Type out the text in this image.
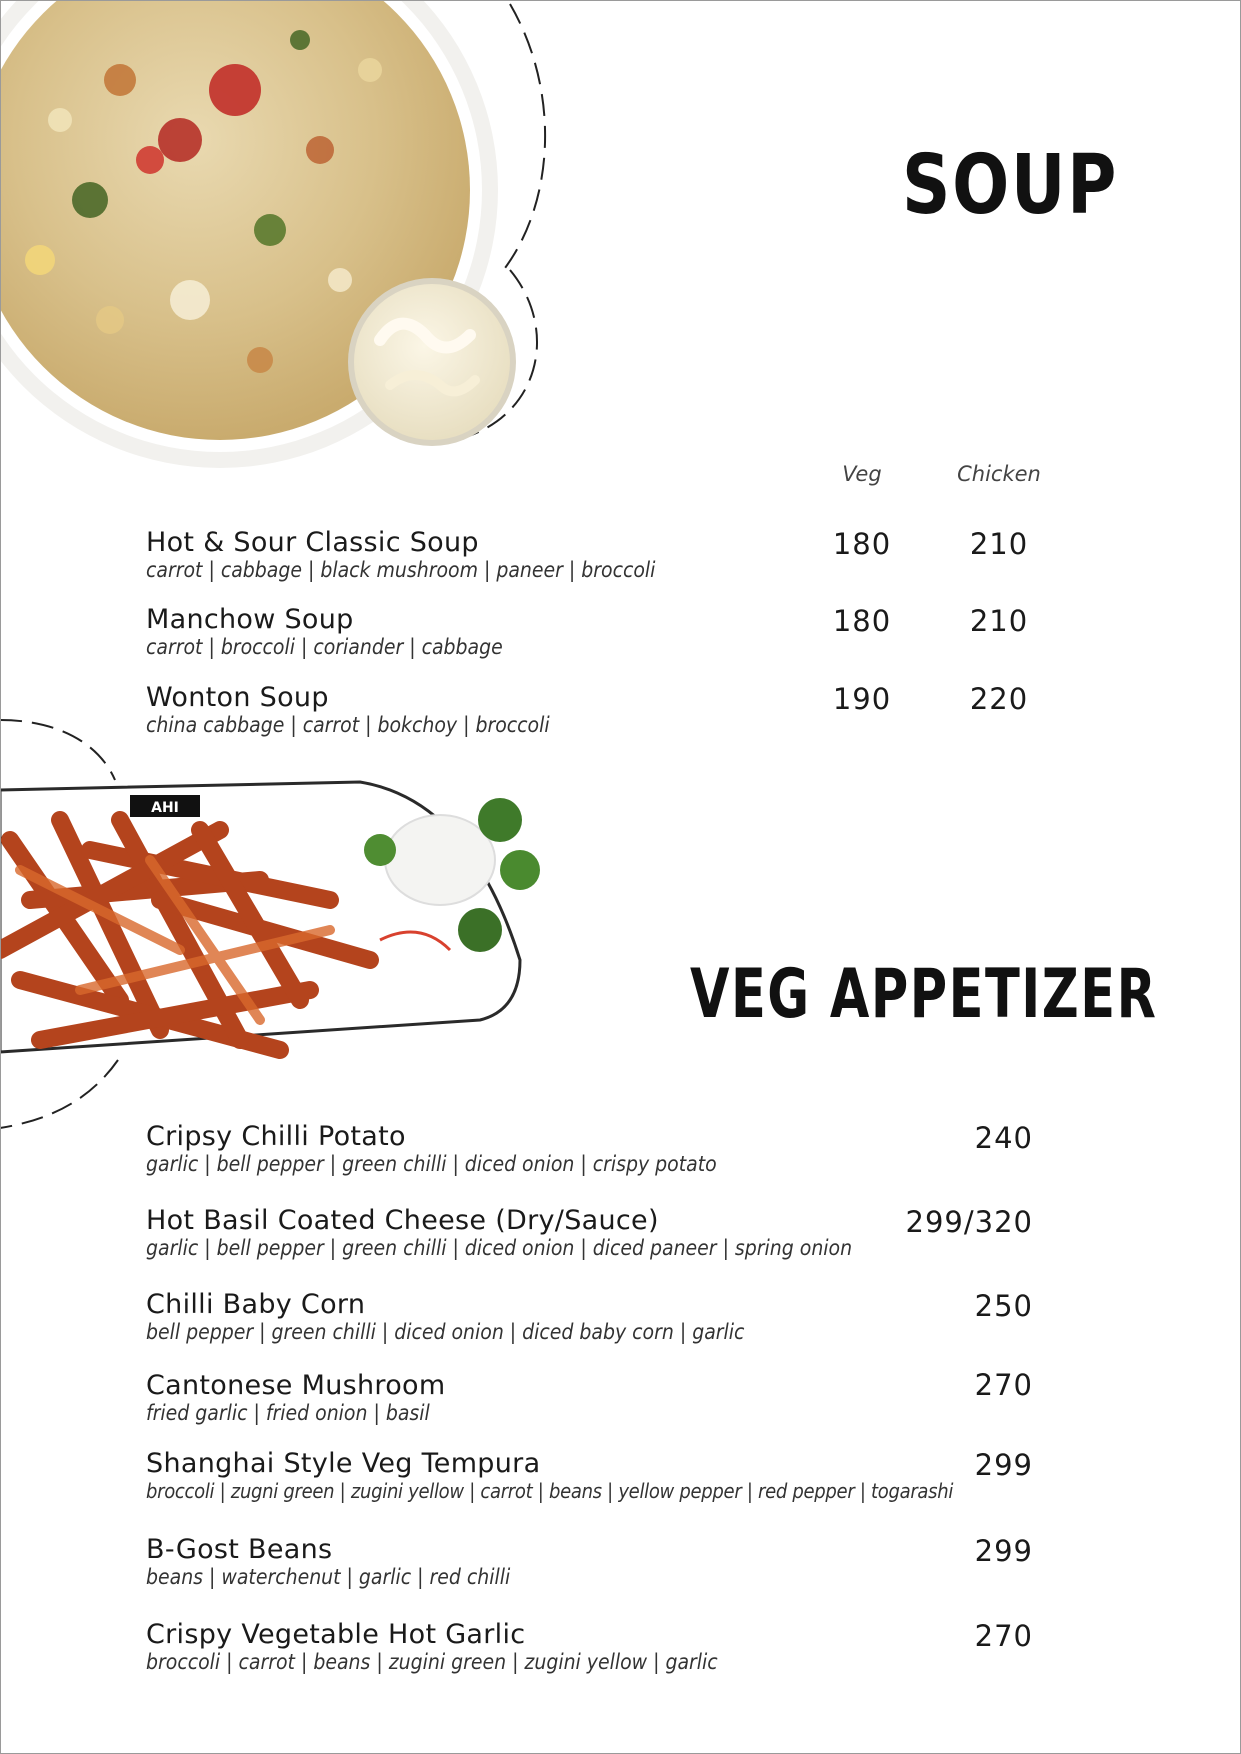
AHI
SOUP
Veg	Chicken
Hot & Sour Classic Soup
carrot | cabbage | black mushroom | paneer | broccoli
180	210
Manchow Soup
carrot | broccoli | coriander | cabbage
180	210
Wonton Soup
china cabbage | carrot | bokchoy | broccoli
190	220
VEG APPETIZER
Cripsy Chilli Potato
garlic | bell pepper | green chilli | diced onion | crispy potato
240
Hot Basil Coated Cheese (Dry/Sauce)
garlic | bell pepper | green chilli | diced onion | diced paneer | spring onion
299/320
Chilli Baby Corn
bell pepper | green chilli | diced onion | diced baby corn | garlic
250
Cantonese Mushroom
fried garlic | fried onion | basil
270
Shanghai Style Veg Tempura
broccoli | zugni green | zugini yellow | carrot | beans | yellow pepper | red pepper | togarashi
299
B-Gost Beans
beans | waterchenut | garlic | red chilli
299
Crispy Vegetable Hot Garlic
broccoli | carrot | beans | zugini green | zugini yellow | garlic
270
